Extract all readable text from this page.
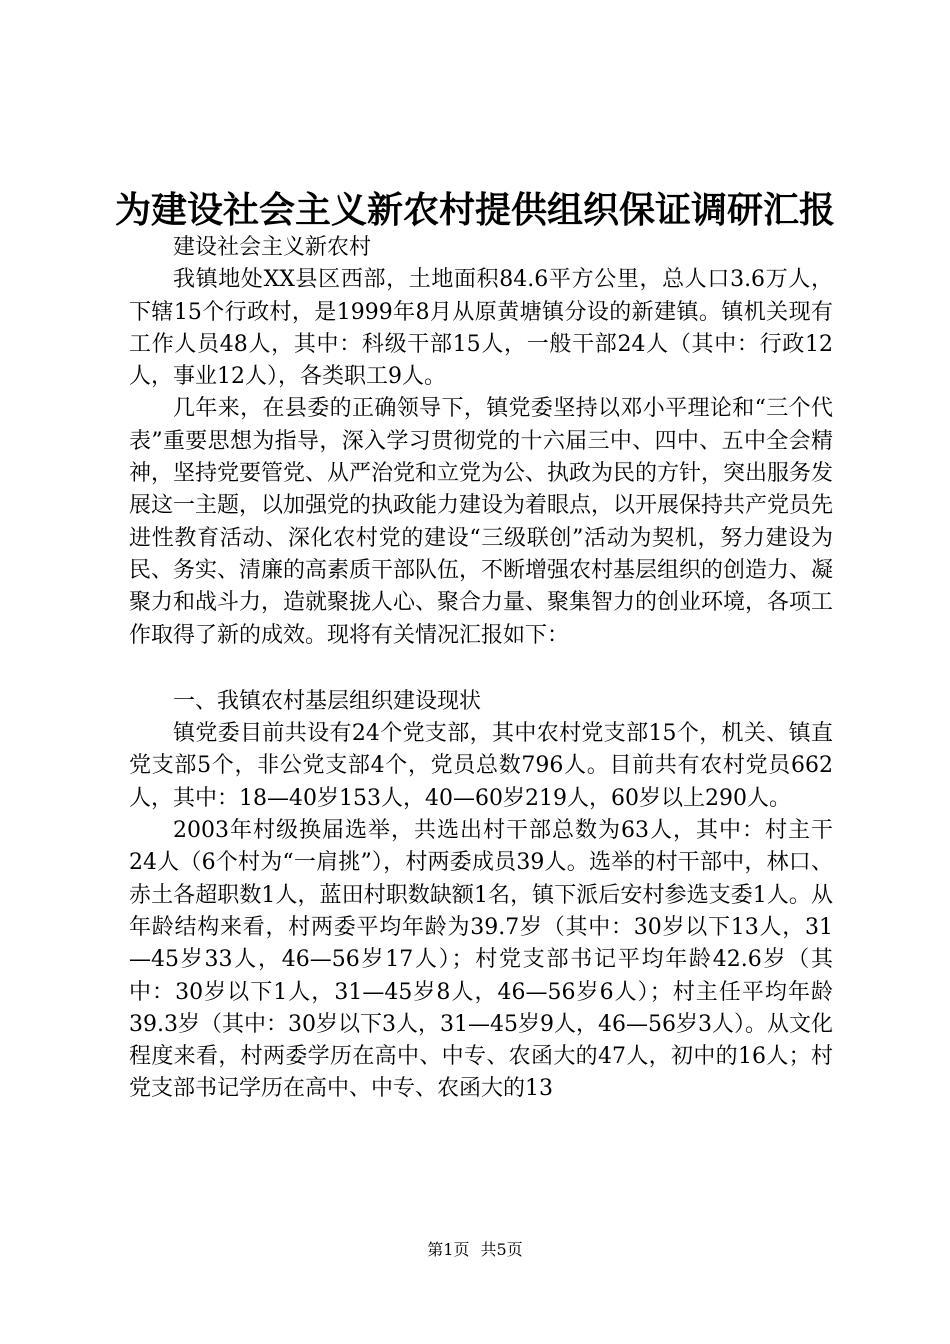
为建设社会主义新农村提供组织保证调研汇报

建设社会主义新农村

我镇地处XX县区西部，土地面积84.6平方公里，总人口3.6万人，下辖15个行政村，是1999年8月从原黄塘镇分设的新建镇。镇机关现有工作人员48人，其中：科级干部15人，一般干部24人（其中：行政12人，事业12人），各类职工9人。

几年来，在县委的正确领导下，镇党委坚持以邓小平理论和“三个代表”重要思想为指导，深入学习贯彻党的十六届三中、四中、五中全会精神，坚持党要管党、从严治党和立党为公、执政为民的方针，突出服务发展这一主题，以加强党的执政能力建设为着眼点，以开展保持共产党员先进性教育活动、深化农村党的建设“三级联创”活动为契机，努力建设为民、务实、清廉的高素质干部队伍，不断增强农村基层组织的创造力、凝聚力和战斗力，造就聚拢人心、聚合力量、聚集智力的创业环境，各项工作取得了新的成效。现将有关情况汇报如下：

一、我镇农村基层组织建设现状

镇党委目前共设有24个党支部，其中农村党支部15个，机关、镇直党支部5个，非公党支部4个，党员总数796人。目前共有农村党员662人，其中：18—40岁153人，40—60岁219人，60岁以上290人。

2003年村级换届选举，共选出村干部总数为63人，其中：村主干24人（6个村为“一肩挑”），村两委成员39人。选举的村干部中，林口、赤土各超职数1人，蓝田村职数缺额1名，镇下派后安村参选支委1人。从年龄结构来看，村两委平均年龄为39.7岁（其中：30岁以下13人，31—45岁33人，46—56岁17人）；村党支部书记平均年龄42.6岁（其中：30岁以下1人，31—45岁8人，46—56岁6人）；村主任平均年龄39.3岁（其中：30岁以下3人，31—45岁9人，46—56岁3人）。从文化程度来看，村两委学历在高中、中专、农函大的47人，初中的16人；村党支部书记学历在高中、中专、农函大的13

第1页 共5页
